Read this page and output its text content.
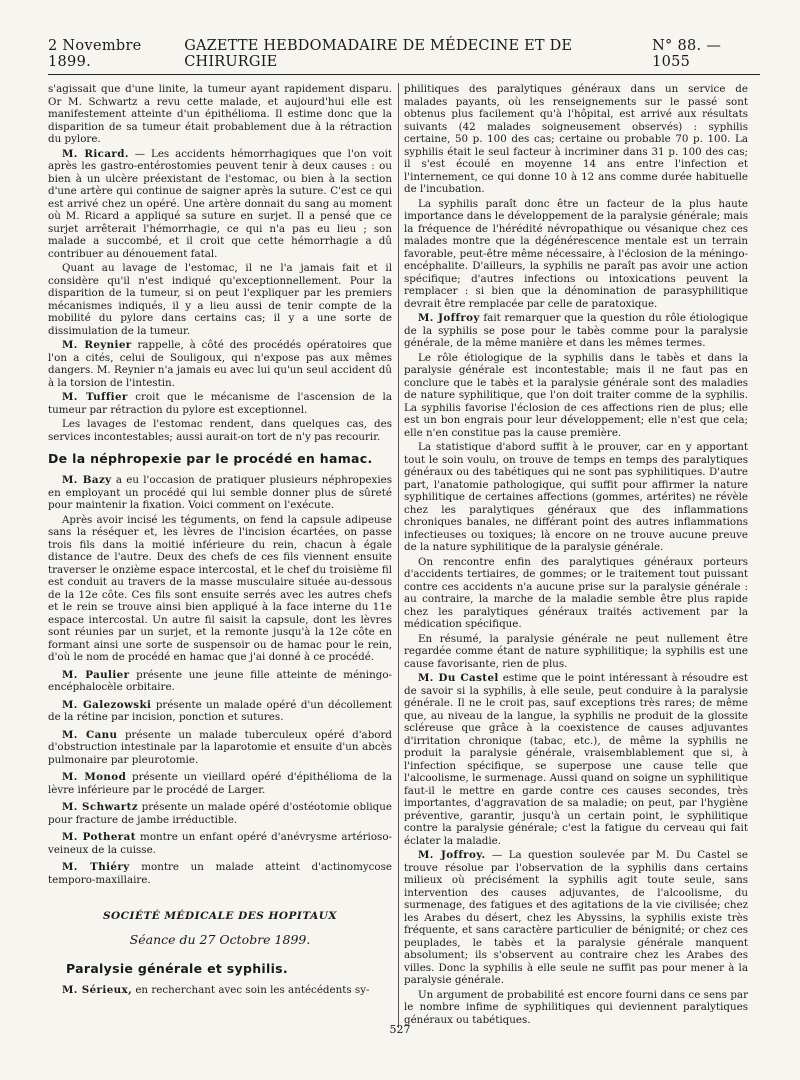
2 Novembre 1899.
GAZETTE HEBDOMADAIRE DE MÉDECINE ET DE CHIRURGIE
N° 88. — 1055

s'agissait que d'une linite, la tumeur ayant rapidement disparu. Or M. Schwartz a revu cette malade, et aujourd'hui elle est manifestement atteinte d'un épithélioma. Il estime donc que la disparition de sa tumeur était probablement due à la rétraction du pylore.

M. Ricard. — Les accidents hémorrhagiques que l'on voit après les gastro-entérostomies peuvent tenir à deux causes : ou bien à un ulcère préexistant de l'estomac, ou bien à la section d'une artère qui continue de saigner après la suture. C'est ce qui est arrivé chez un opéré. Une artère donnait du sang au moment où M. Ricard a appliqué sa suture en surjet. Il a pensé que ce surjet arrêterait l'hémorrhagie, ce qui n'a pas eu lieu ; son malade a succombé, et il croit que cette hémorrhagie a dû contribuer au dénouement fatal.

Quant au lavage de l'estomac, il ne l'a jamais fait et il considère qu'il n'est indiqué qu'exceptionnellement. Pour la disparition de la tumeur, si on peut l'expliquer par les premiers mécanismes indiqués, il y a lieu aussi de tenir compte de la mobilité du pylore dans certains cas; il y a une sorte de dissimulation de la tumeur.

M. Reynier rappelle, à côté des procédés opératoires que l'on a cités, celui de Souligoux, qui n'expose pas aux mêmes dangers. M. Reynier n'a jamais eu avec lui qu'un seul accident dû à la torsion de l'intestin.

M. Tuffier croit que le mécanisme de l'ascension de la tumeur par rétraction du pylore est exceptionnel.

Les lavages de l'estomac rendent, dans quelques cas, des services incontestables; aussi aurait-on tort de n'y pas recourir.

De la néphropexie par le procédé en hamac.

M. Bazy a eu l'occasion de pratiquer plusieurs néphropexies en employant un procédé qui lui semble donner plus de sûreté pour maintenir la fixation. Voici comment on l'exécute.

Après avoir incisé les téguments, on fend la capsule adipeuse sans la réséquer et, les lèvres de l'incision écartées, on passe trois fils dans la moitié inférieure du rein, chacun à égale distance de l'autre. Deux des chefs de ces fils viennent ensuite traverser le onzième espace intercostal, et le chef du troisième fil est conduit au travers de la masse musculaire située au-dessous de la 12e côte. Ces fils sont ensuite serrés avec les autres chefs et le rein se trouve ainsi bien appliqué à la face interne du 11e espace intercostal. Un autre fil saisit la capsule, dont les lèvres sont réunies par un surjet, et la remonte jusqu'à la 12e côte en formant ainsi une sorte de suspensoir ou de hamac pour le rein, d'où le nom de procédé en hamac que j'ai donné à ce procédé.

M. Paulier présente une jeune fille atteinte de méningo-encéphalocèle orbitaire.

M. Galezowski présente un malade opéré d'un décollement de la rétine par incision, ponction et sutures.

M. Canu présente un malade tuberculeux opéré d'abord d'obstruction intestinale par la laparotomie et ensuite d'un abcès pulmonaire par pleurotomie.

M. Monod présente un vieillard opéré d'épithélioma de la lèvre inférieure par le procédé de Larger.

M. Schwartz présente un malade opéré d'ostéotomie oblique pour fracture de jambe irréductible.

M. Potherat montre un enfant opéré d'anévrysme artérioso-veineux de la cuisse.

M. Thiéry montre un malade atteint d'actinomycose temporo-maxillaire.

SOCIÉTÉ MÉDICALE DES HOPITAUX
Séance du 27 Octobre 1899.
Paralysie générale et syphilis.

M. Sérieux, en recherchant avec soin les antécédents sy-

philitiques des paralytiques généraux dans un service de malades payants, où les renseignements sur le passé sont obtenus plus facilement qu'à l'hôpital, est arrivé aux résultats suivants (42 malades soigneusement observés) : syphilis certaine, 50 p. 100 des cas; certaine ou probable 70 p. 100. La syphilis était le seul facteur à incriminer dans 31 p. 100 des cas; il s'est écoulé en moyenne 14 ans entre l'infection et l'internement, ce qui donne 10 à 12 ans comme durée habituelle de l'incubation.

La syphilis paraît donc être un facteur de la plus haute importance dans le développement de la paralysie générale; mais la fréquence de l'hérédité névropathique ou vésanique chez ces malades montre que la dégénérescence mentale est un terrain favorable, peut-être même nécessaire, à l'éclosion de la méningo-encéphalite. D'ailleurs, la syphilis ne paraît pas avoir une action spécifique; d'autres infections ou intoxications peuvent la remplacer : si bien que la dénomination de parasyphilitique devrait être remplacée par celle de paratoxique.

M. Joffroy fait remarquer que la question du rôle étiologique de la syphilis se pose pour le tabès comme pour la paralysie générale, de la même manière et dans les mêmes termes.

Le rôle étiologique de la syphilis dans le tabès et dans la paralysie générale est incontestable; mais il ne faut pas en conclure que le tabès et la paralysie générale sont des maladies de nature syphilitique, que l'on doit traiter comme de la syphilis. La syphilis favorise l'éclosion de ces affections rien de plus; elle est un bon engrais pour leur développement; elle n'est que cela; elle n'en constitue pas la cause première.

La statistique d'abord suffit à le prouver, car en y apportant tout le soin voulu, on trouve de temps en temps des paralytiques généraux ou des tabétiques qui ne sont pas syphilitiques. D'autre part, l'anatomie pathologique, qui suffit pour affirmer la nature syphilitique de certaines affections (gommes, artérites) ne révèle chez les paralytiques généraux que des inflammations chroniques banales, ne différant point des autres inflammations infectieuses ou toxiques; là encore on ne trouve aucune preuve de la nature syphilitique de la paralysie générale.

On rencontre enfin des paralytiques généraux porteurs d'accidents tertiaires, de gommes; or le traitement tout puissant contre ces accidents n'a aucune prise sur la paralysie générale : au contraire, la marche de la maladie semble être plus rapide chez les paralytiques généraux traités activement par la médication spécifique.

En résumé, la paralysie générale ne peut nullement être regardée comme étant de nature syphilitique; la syphilis est une cause favorisante, rien de plus.

M. Du Castel estime que le point intéressant à résoudre est de savoir si la syphilis, à elle seule, peut conduire à la paralysie générale. Il ne le croit pas, sauf exceptions très rares; de même que, au niveau de la langue, la syphilis ne produit de la glossite scléreuse que grâce à la coexistence de causes adjuvantes d'irritation chronique (tabac, etc.), de même la syphilis ne produit la paralysie générale, vraisemblablement que si, à l'infection spécifique, se superpose une cause telle que l'alcoolisme, le surmenage. Aussi quand on soigne un syphilitique faut-il le mettre en garde contre ces causes secondes, très importantes, d'aggravation de sa maladie; on peut, par l'hygiène préventive, garantir, jusqu'à un certain point, le syphilitique contre la paralysie générale; c'est la fatigue du cerveau qui fait éclater la maladie.

M. Joffroy. — La question soulevée par M. Du Castel se trouve résolue par l'observation de la syphilis dans certains milieux où précisément la syphilis agit toute seule, sans intervention des causes adjuvantes, de l'alcoolisme, du surmenage, des fatigues et des agitations de la vie civilisée; chez les Arabes du désert, chez les Abyssins, la syphilis existe très fréquente, et sans caractère particulier de bénignité; or chez ces peuplades, le tabès et la paralysie générale manquent absolument; ils s'observent au contraire chez les Arabes des villes. Donc la syphilis à elle seule ne suffit pas pour mener à la paralysie générale.

Un argument de probabilité est encore fourni dans ce sens par le nombre infime de syphilitiques qui deviennent paralytiques généraux ou tabétiques.

527
